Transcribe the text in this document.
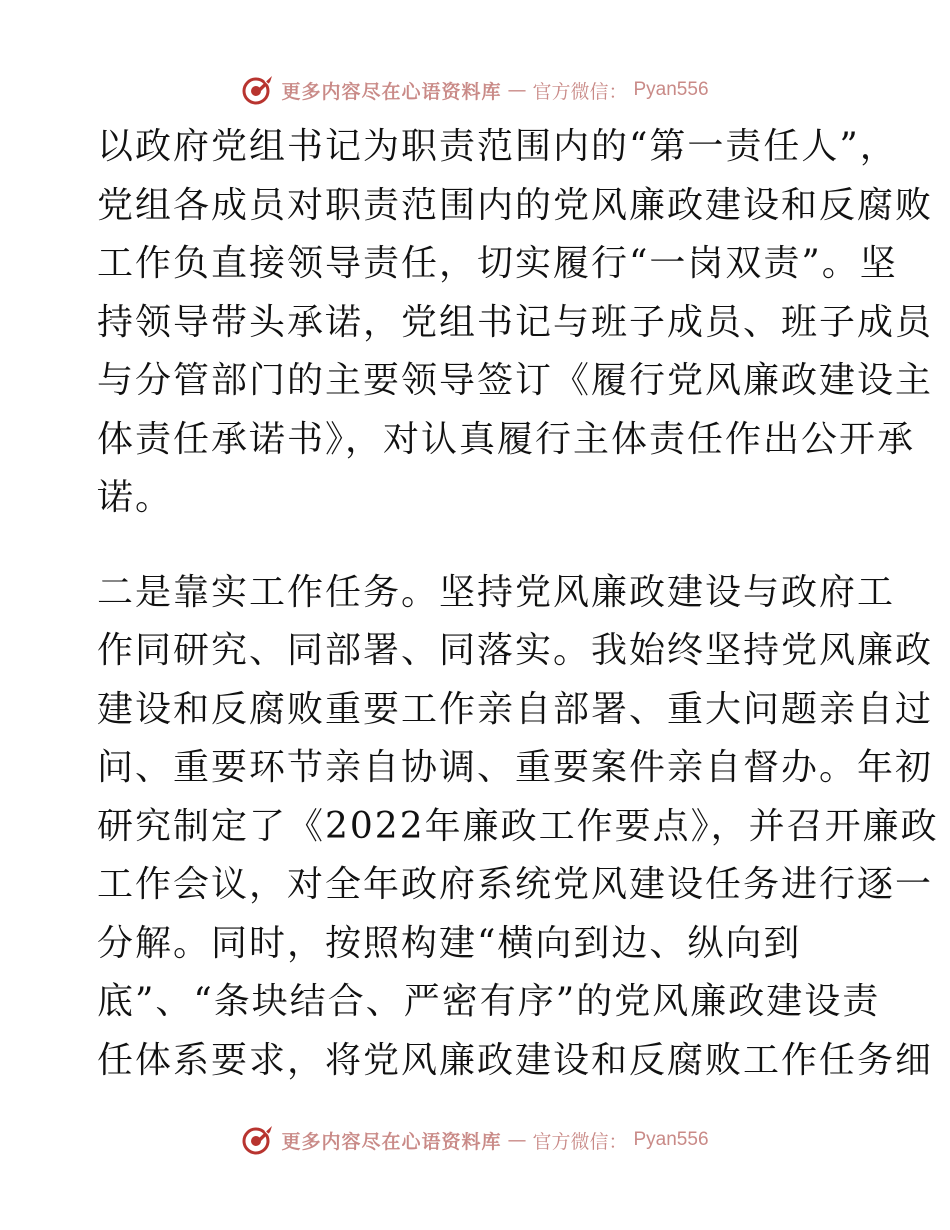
更多内容尽在心语资料库 — 官方微信： Pyan556
以政府党组书记为职责范围内的“第一责任人”，
党组各成员对职责范围内的党风廉政建设和反腐败
工作负直接领导责任，切实履行“一岗双责”。坚
持领导带头承诺，党组书记与班子成员、班子成员
与分管部门的主要领导签订《履行党风廉政建设主
体责任承诺书》，对认真履行主体责任作出公开承
诺。
二是靠实工作任务。坚持党风廉政建设与政府工
作同研究、同部署、同落实。我始终坚持党风廉政
建设和反腐败重要工作亲自部署、重大问题亲自过
问、重要环节亲自协调、重要案件亲自督办。年初
研究制定了《2022年廉政工作要点》，并召开廉政
工作会议，对全年政府系统党风建设任务进行逐一
分解。同时，按照构建“横向到边、纵向到
底”、“条块结合、严密有序”的党风廉政建设责
任体系要求，将党风廉政建设和反腐败工作任务细
更多内容尽在心语资料库 — 官方微信： Pyan556
